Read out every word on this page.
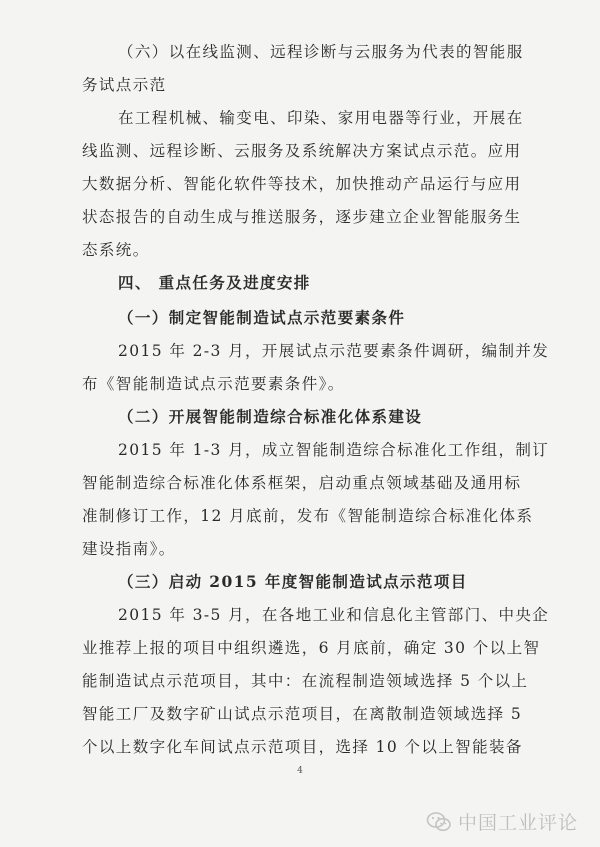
（六）以在线监测、远程诊断与云服务为代表的智能服
务试点示范
在工程机械、输变电、印染、家用电器等行业，开展在
线监测、远程诊断、云服务及系统解决方案试点示范。应用
大数据分析、智能化软件等技术，加快推动产品运行与应用
状态报告的自动生成与推送服务，逐步建立企业智能服务生
态系统。
四、 重点任务及进度安排
（一）制定智能制造试点示范要素条件
2015 年 2-3 月，开展试点示范要素条件调研，编制并发
布《智能制造试点示范要素条件》。
（二）开展智能制造综合标准化体系建设
2015 年 1-3 月，成立智能制造综合标准化工作组，制订
智能制造综合标准化体系框架，启动重点领域基础及通用标
准制修订工作，12 月底前，发布《智能制造综合标准化体系
建设指南》。
（三）启动 2015 年度智能制造试点示范项目
2015 年 3-5 月，在各地工业和信息化主管部门、中央企
业推荐上报的项目中组织遴选，6 月底前，确定 30 个以上智
能制造试点示范项目，其中：在流程制造领域选择 5 个以上
智能工厂及数字矿山试点示范项目，在离散制造领域选择 5
4
中国工业评论
个以上数字化车间试点示范项目，选择 10 个以上智能装备
